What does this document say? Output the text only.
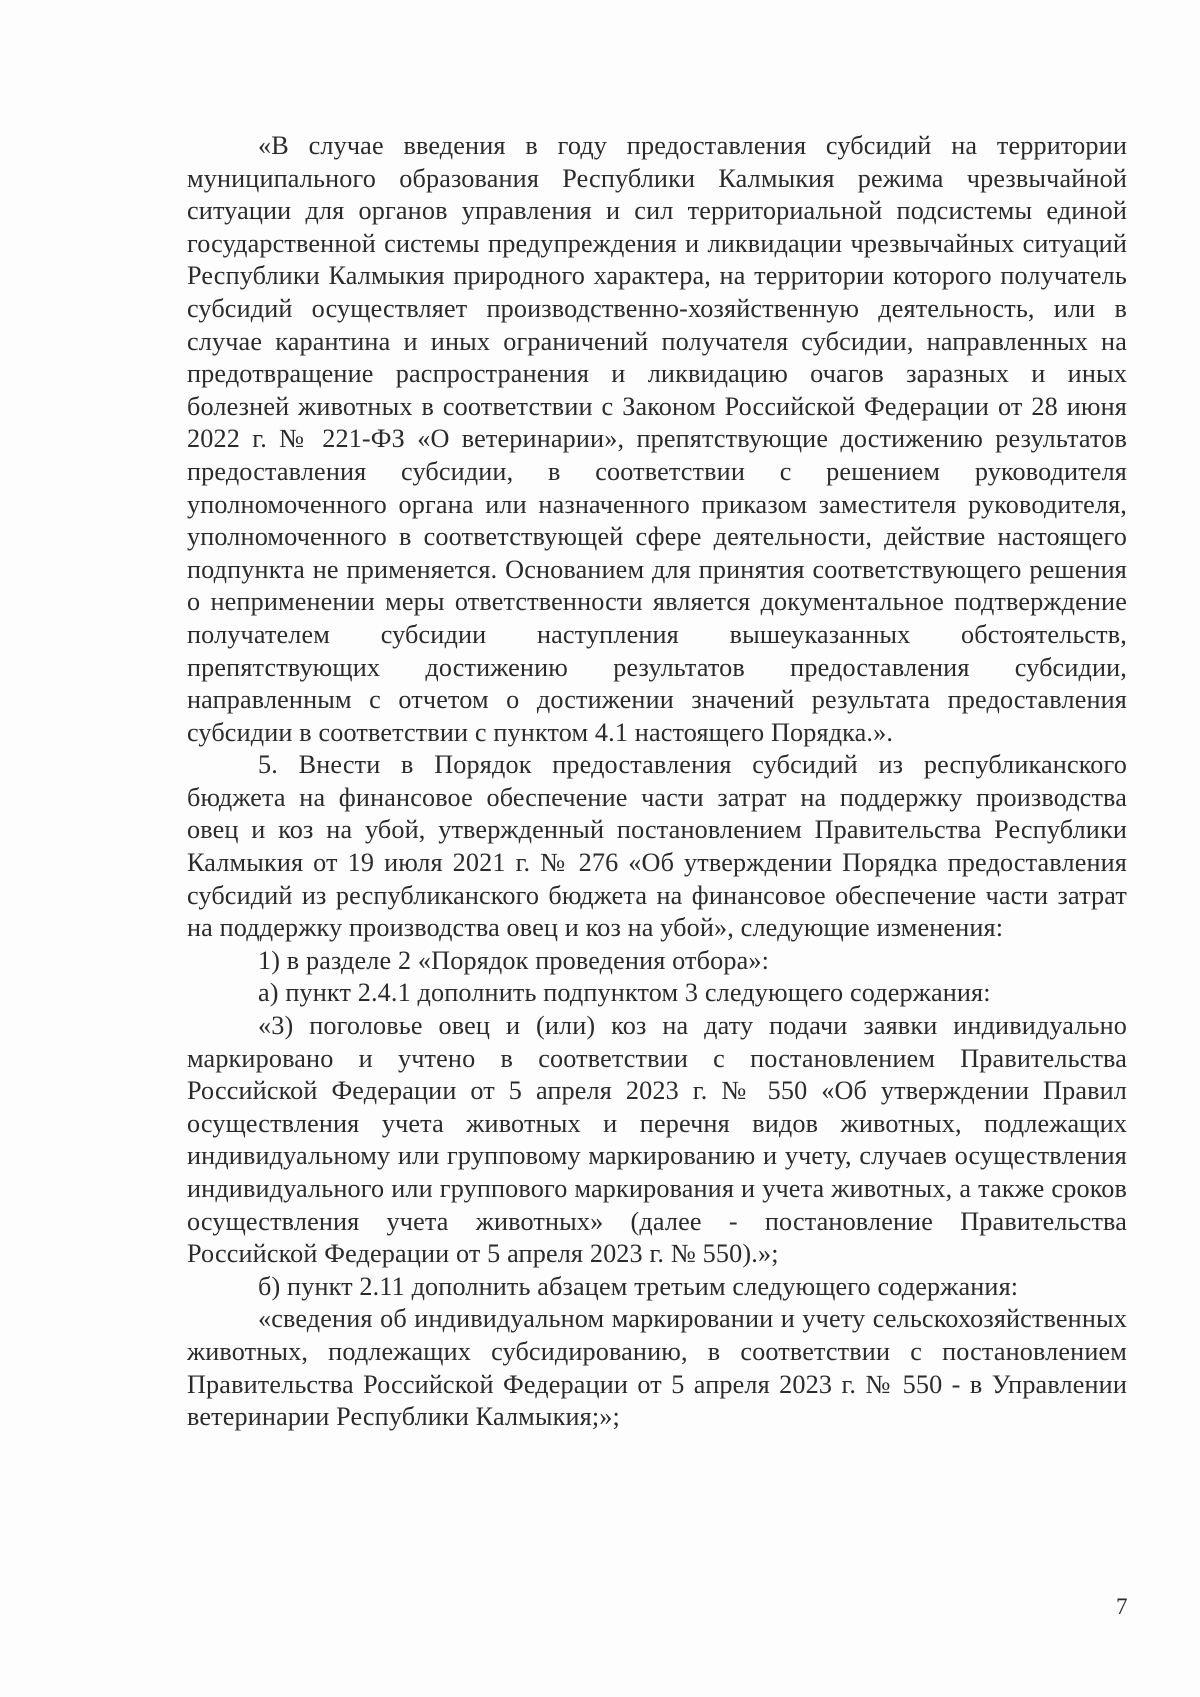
«В случае введения в году предоставления субсидий на территории муниципального образования Республики Калмыкия режима чрезвычайной ситуации для органов управления и сил территориальной подсистемы единой государственной системы предупреждения и ликвидации чрезвычайных ситуаций Республики Калмыкия природного характера, на территории которого получатель субсидий осуществляет производственно-хозяйственную деятельность, или в случае карантина и иных ограничений получателя субсидии, направленных на предотвращение распространения и ликвидацию очагов заразных и иных болезней животных в соответствии с Законом Российской Федерации от 28 июня 2022 г. № 221-ФЗ «О ветеринарии», препятствующие достижению результатов предоставления субсидии, в соответствии с решением руководителя уполномоченного органа или назначенного приказом заместителя руководителя, уполномоченного в соответствующей сфере деятельности, действие настоящего подпункта не применяется. Основанием для принятия соответствующего решения о неприменении меры ответственности является документальное подтверждение получателем субсидии наступления вышеуказанных обстоятельств, препятствующих достижению результатов предоставления субсидии, направленным с отчетом о достижении значений результата предоставления субсидии в соответствии с пунктом 4.1 настоящего Порядка.».

5. Внести в Порядок предоставления субсидий из республиканского бюджета на финансовое обеспечение части затрат на поддержку производства овец и коз на убой, утвержденный постановлением Правительства Республики Калмыкия от 19 июля 2021 г. № 276 «Об утверждении Порядка предоставления субсидий из республиканского бюджета на финансовое обеспечение части затрат на поддержку производства овец и коз на убой», следующие изменения:

1) в разделе 2 «Порядок проведения отбора»:

а) пункт 2.4.1 дополнить подпунктом 3 следующего содержания:

«3) поголовье овец и (или) коз на дату подачи заявки индивидуально маркировано и учтено в соответствии с постановлением Правительства Российской Федерации от 5 апреля 2023 г. № 550 «Об утверждении Правил осуществления учета животных и перечня видов животных, подлежащих индивидуальному или групповому маркированию и учету, случаев осуществления индивидуального или группового маркирования и учета животных, а также сроков осуществления учета животных» (далее - постановление Правительства Российской Федерации от 5 апреля 2023 г. № 550).»;

б) пункт 2.11 дополнить абзацем третьим следующего содержания:

«сведения об индивидуальном маркировании и учету сельскохозяйственных животных, подлежащих субсидированию, в соответствии с постановлением Правительства Российской Федерации от 5 апреля 2023 г. № 550 - в Управлении ветеринарии Республики Калмыкия;»;

7
